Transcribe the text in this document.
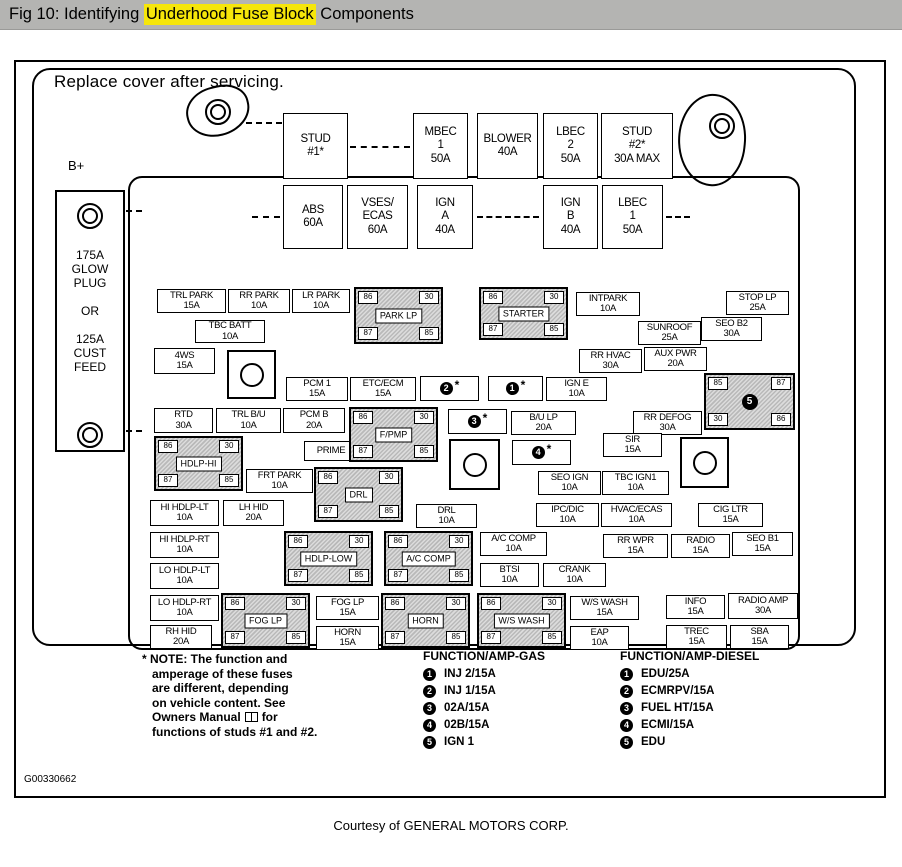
Fig 10: Identifying Underhood Fuse Block Components
Replace cover after servicing.
B+
175A
GLOW
PLUG
OR
125A
CUST
FEED
STUD
#1*
MBEC
1
50A
BLOWER
40A
LBEC
2
50A
STUD
#2*
30A MAX
ABS
60A
VSES/
ECAS
60A
IGN
A
40A
IGN
B
40A
LBEC
1
50A
TRL PARK
15A
RR PARK
10A
LR PARK
10A
INTPARK
10A
STOP LP
25A
TBC BATT
10A
SUNROOF
25A
SEO B2
30A
4WS
15A
RR HVAC
30A
AUX PWR
20A
PCM 1
15A
ETC/ECM
15A
IGN E
10A
RTD
30A
TRL B/U
10A
PCM B
20A
B/U LP
20A
RR DEFOG
30A
PRIME
SIR
15A
FRT PARK
10A
SEO IGN
10A
TBC IGN1
10A
HI HDLP-LT
10A
LH HID
20A
DRL
10A
IPC/DIC
10A
HVAC/ECAS
10A
CIG LTR
15A
HI HDLP-RT
10A
A/C COMP
10A
RR WPR
15A
RADIO
15A
SEO B1
15A
LO HDLP-LT
10A
BTSI
10A
CRANK
10A
LO HDLP-RT
10A
FOG LP
15A
W/S WASH
15A
INFO
15A
RADIO AMP
30A
RH HID
20A
HORN
15A
EAP
10A
TREC
15A
SBA
15A
86	30
87	85
PARK LP
86	30
87	85
STARTER
86	30
87	85
F/PMP
86	30
87	85
HDLP-HI
86	30
87	85
DRL
86	30
87	85
HDLP-LOW
86	30
87	85
A/C COMP
86	30
87	85
FOG LP
86	30
87	85
HORN
86	30
87	85
W/S WASH
85	87
30	86
5
2 *	1 *
3 *
4 *
* NOTE: The function and
amperage of these fuses
are different, depending
on vehicle content. See
Owners Manual for
functions of studs #1 and #2.
FUNCTION/AMP-GAS
1	INJ 2/15A
2	INJ 1/15A
3	02A/15A
4	02B/15A
5	IGN 1
FUNCTION/AMP-DIESEL
1	EDU/25A
2	ECMRPV/15A
3	FUEL HT/15A
4	ECMI/15A
5	EDU
G00330662
Courtesy of GENERAL MOTORS CORP.
